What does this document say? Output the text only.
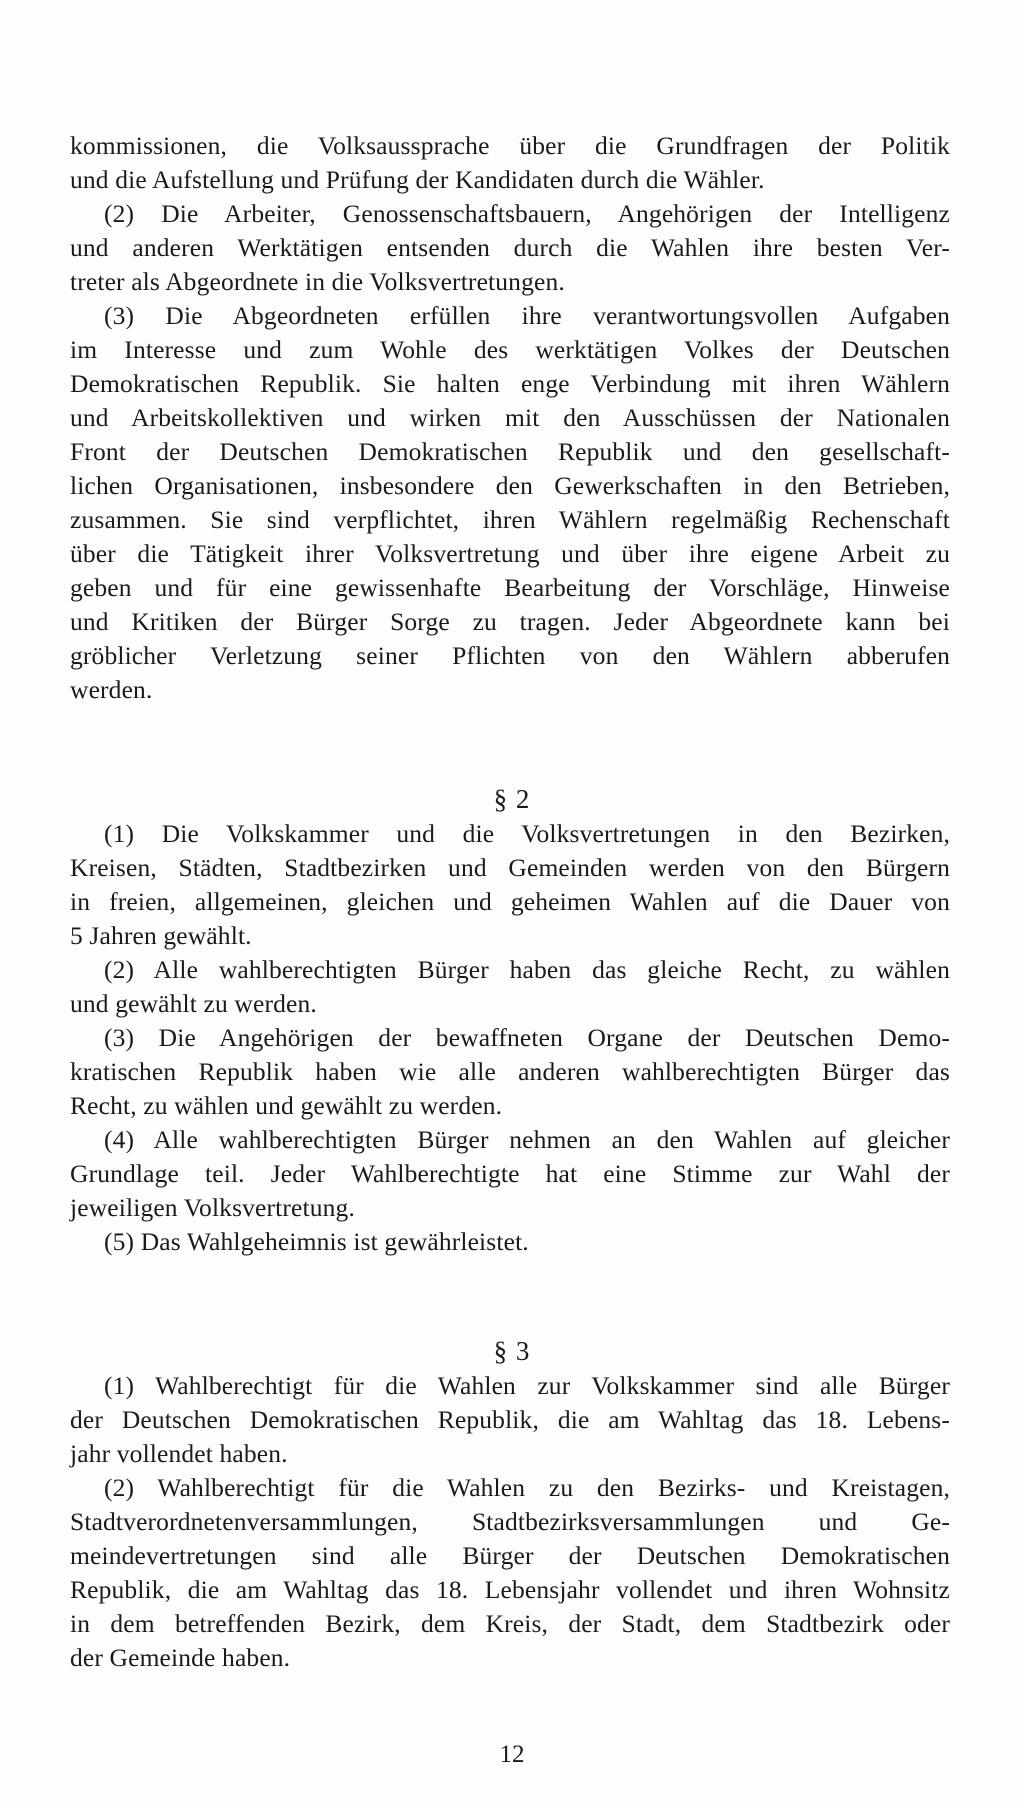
kommissionen, die Volksaussprache über die Grundfragen der Politik
und die Aufstellung und Prüfung der Kandidaten durch die Wähler.
(2) Die Arbeiter, Genossenschaftsbauern, Angehörigen der Intelligenz
und anderen Werktätigen entsenden durch die Wahlen ihre besten Ver-
treter als Abgeordnete in die Volksvertretungen.
(3) Die Abgeordneten erfüllen ihre verantwortungsvollen Aufgaben
im Interesse und zum Wohle des werktätigen Volkes der Deutschen
Demokratischen Republik. Sie halten enge Verbindung mit ihren Wählern
und Arbeitskollektiven und wirken mit den Ausschüssen der Nationalen
Front der Deutschen Demokratischen Republik und den gesellschaft-
lichen Organisationen, insbesondere den Gewerkschaften in den Betrieben,
zusammen. Sie sind verpflichtet, ihren Wählern regelmäßig Rechenschaft
über die Tätigkeit ihrer Volksvertretung und über ihre eigene Arbeit zu
geben und für eine gewissenhafte Bearbeitung der Vorschläge, Hinweise
und Kritiken der Bürger Sorge zu tragen. Jeder Abgeordnete kann bei
gröblicher Verletzung seiner Pflichten von den Wählern abberufen
werden.
§ 2
(1) Die Volkskammer und die Volksvertretungen in den Bezirken,
Kreisen, Städten, Stadtbezirken und Gemeinden werden von den Bürgern
in freien, allgemeinen, gleichen und geheimen Wahlen auf die Dauer von
5 Jahren gewählt.
(2) Alle wahlberechtigten Bürger haben das gleiche Recht, zu wählen
und gewählt zu werden.
(3) Die Angehörigen der bewaffneten Organe der Deutschen Demo-
kratischen Republik haben wie alle anderen wahlberechtigten Bürger das
Recht, zu wählen und gewählt zu werden.
(4) Alle wahlberechtigten Bürger nehmen an den Wahlen auf gleicher
Grundlage teil. Jeder Wahlberechtigte hat eine Stimme zur Wahl der
jeweiligen Volksvertretung.
(5) Das Wahlgeheimnis ist gewährleistet.
§ 3
(1) Wahlberechtigt für die Wahlen zur Volkskammer sind alle Bürger
der Deutschen Demokratischen Republik, die am Wahltag das 18. Lebens-
jahr vollendet haben.
(2) Wahlberechtigt für die Wahlen zu den Bezirks- und Kreistagen,
Stadtverordnetenversammlungen, Stadtbezirksversammlungen und Ge-
meindevertretungen sind alle Bürger der Deutschen Demokratischen
Republik, die am Wahltag das 18. Lebensjahr vollendet und ihren Wohnsitz
in dem betreffenden Bezirk, dem Kreis, der Stadt, dem Stadtbezirk oder
der Gemeinde haben.
12
